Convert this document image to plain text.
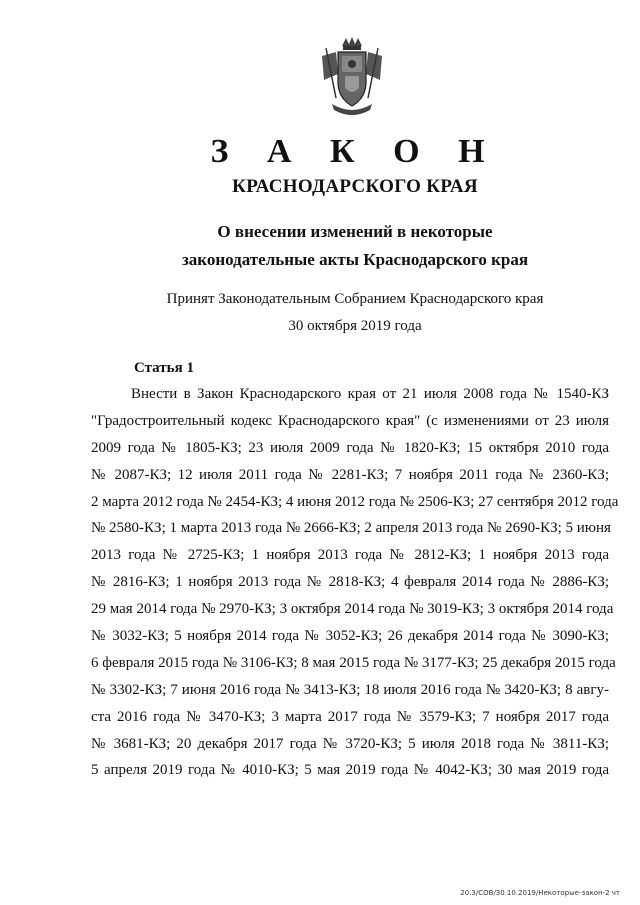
З А К О Н
КРАСНОДАРСКОГО КРАЯ
О внесении изменений в некоторые
законодательные акты Краснодарского края
Принят Законодательным Собранием Краснодарского края
30 октября 2019 года
Статья 1
Внести в Закон Краснодарского края от 21 июля 2008 года № 1540-КЗ
"Градостроительный кодекс Краснодарского края" (с изменениями от 23 июля
2009 года № 1805-КЗ; 23 июля 2009 года № 1820-КЗ; 15 октября 2010 года
№ 2087-КЗ; 12 июля 2011 года № 2281-КЗ; 7 ноября 2011 года № 2360-КЗ;
2 марта 2012 года № 2454-КЗ; 4 июня 2012 года № 2506-КЗ; 27 сентября 2012 года
№ 2580-КЗ; 1 марта 2013 года № 2666-КЗ; 2 апреля 2013 года № 2690-КЗ; 5 июня
2013 года № 2725-КЗ; 1 ноября 2013 года № 2812-КЗ; 1 ноября 2013 года
№ 2816-КЗ; 1 ноября 2013 года № 2818-КЗ; 4 февраля 2014 года № 2886-КЗ;
29 мая 2014 года № 2970-КЗ; 3 октября 2014 года № 3019-КЗ; 3 октября 2014 года
№ 3032-КЗ; 5 ноября 2014 года № 3052-КЗ; 26 декабря 2014 года № 3090-КЗ;
6 февраля 2015 года № 3106-КЗ; 8 мая 2015 года № 3177-КЗ; 25 декабря 2015 года
№ 3302-КЗ; 7 июня 2016 года № 3413-КЗ; 18 июля 2016 года № 3420-КЗ; 8 авгу-
ста 2016 года № 3470-КЗ; 3 марта 2017 года № 3579-КЗ; 7 ноября 2017 года
№ 3681-КЗ; 20 декабря 2017 года № 3720-КЗ; 5 июля 2018 года № 3811-КЗ;
5 апреля 2019 года № 4010-КЗ; 5 мая 2019 года № 4042-КЗ; 30 мая 2019 года
20.3/СОВ/30.10.2019/Некоторые-закон-2 чт
